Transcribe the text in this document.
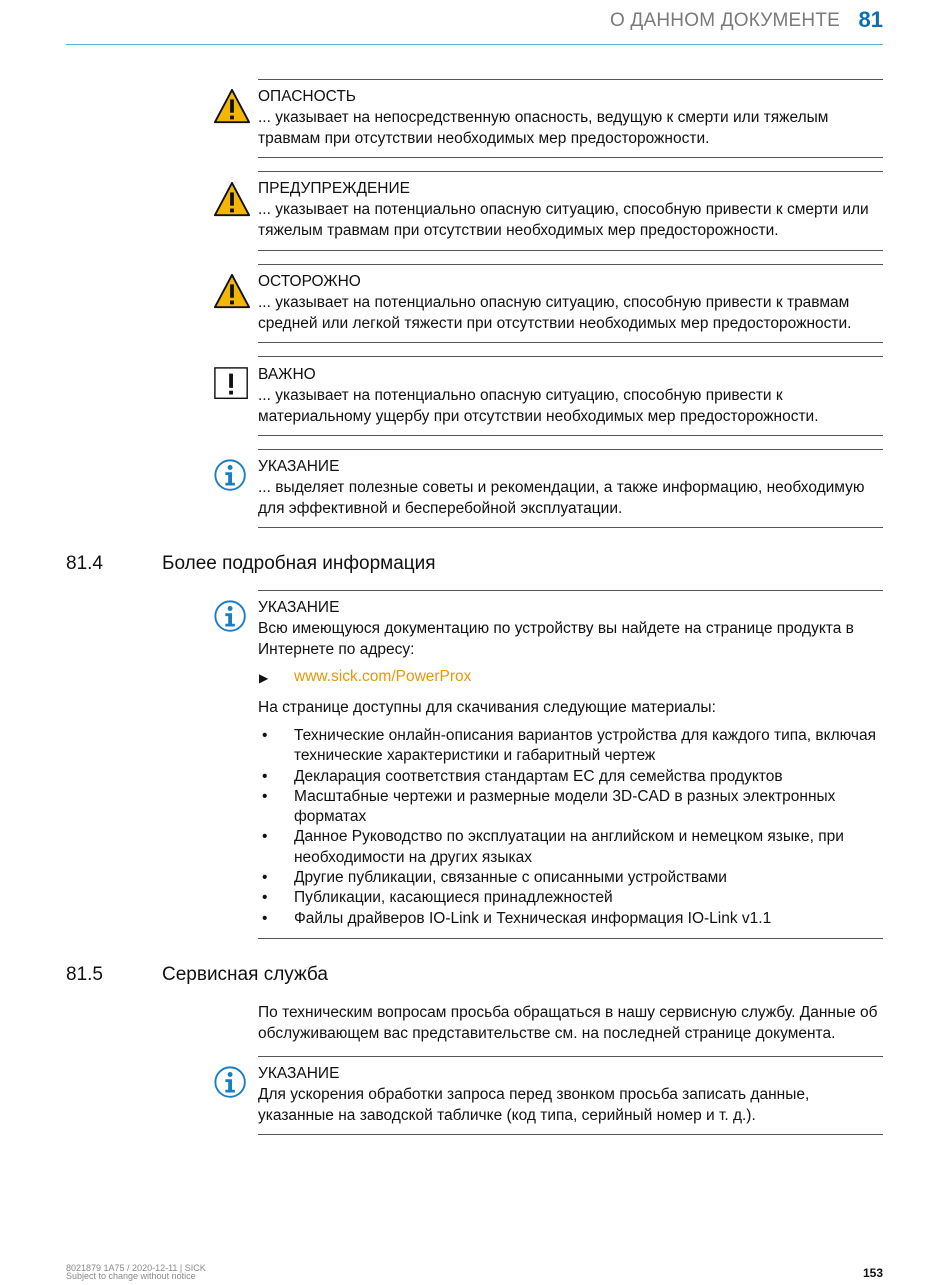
О ДАННОМ ДОКУМЕНТЕ 81
ОПАСНОСТЬ
... указывает на непосредственную опасность, ведущую к смерти или тяжелым травмам при отсутствии необходимых мер предосторожности.
ПРЕДУПРЕЖДЕНИЕ
... указывает на потенциально опасную ситуацию, способную привести к смерти или тяжелым травмам при отсутствии необходимых мер предосторожности.
ОСТОРОЖНО
... указывает на потенциально опасную ситуацию, способную привести к травмам средней или легкой тяжести при отсутствии необходимых мер предосторожности.
ВАЖНО
... указывает на потенциально опасную ситуацию, способную привести к материальному ущербу при отсутствии необходимых мер предосторожности.
УКАЗАНИЕ
... выделяет полезные советы и рекомендации, а также информацию, необходимую для эффективной и бесперебойной эксплуатации.
81.4	Более подробная информация
УКАЗАНИЕ
Всю имеющуюся документацию по устройству вы найдете на странице продукта в Интернете по адресу:
▶ www.sick.com/PowerProx
На странице доступны для скачивания следующие материалы:
• Технические онлайн-описания вариантов устройства для каждого типа, включая технические характеристики и габаритный чертеж
• Декларация соответствия стандартам ЕС для семейства продуктов
• Масштабные чертежи и размерные модели 3D-CAD в разных электронных форматах
• Данное Руководство по эксплуатации на английском и немецком языке, при необходимости на других языках
• Другие публикации, связанные с описанными устройствами
• Публикации, касающиеся принадлежностей
• Файлы драйверов IO-Link и Техническая информация IO-Link v1.1
81.5	Сервисная служба
По техническим вопросам просьба обращаться в нашу сервисную службу. Данные об обслуживающем вас представительстве см. на последней странице документа.
УКАЗАНИЕ
Для ускорения обработки запроса перед звонком просьба записать данные, указанные на заводской табличке (код типа, серийный номер и т. д.).
8021879 1A75 / 2020-12-11 | SICK
Subject to change without notice	153
